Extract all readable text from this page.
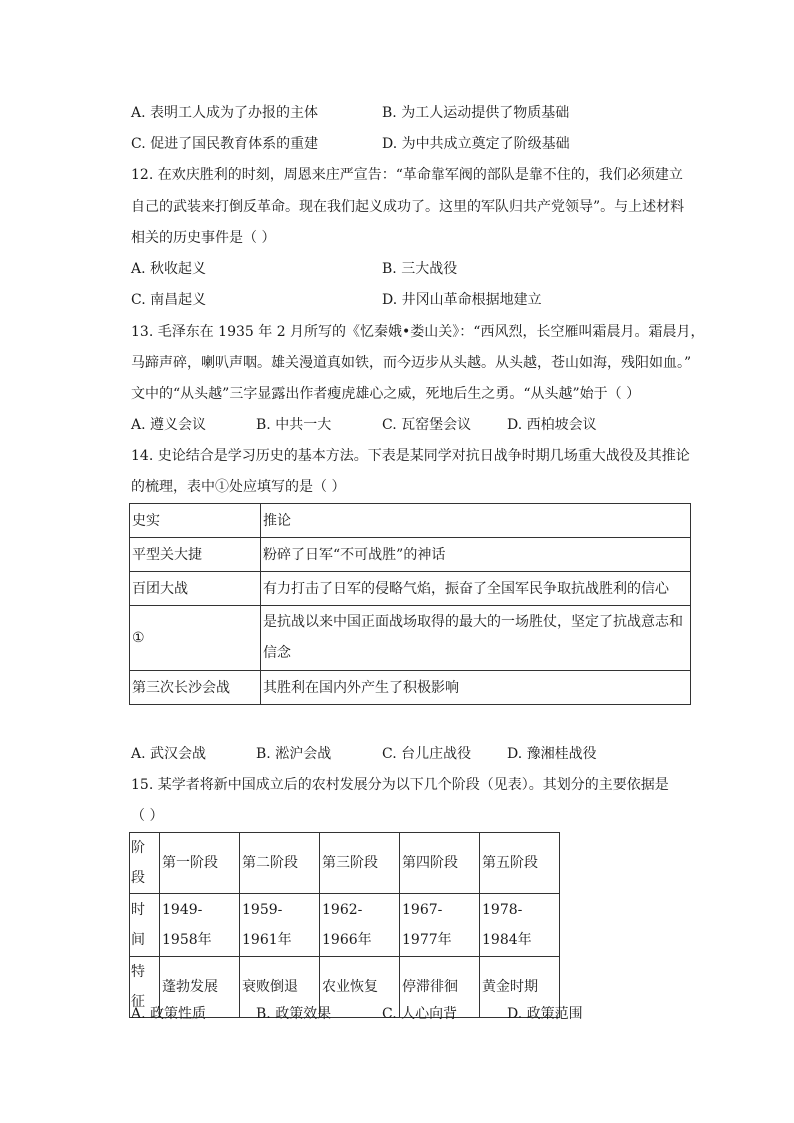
A. 表明工人成为了办报的主体	B. 为工人运动提供了物质基础
C. 促进了国民教育体系的重建	D. 为中共成立奠定了阶级基础
12. 在欢庆胜利的时刻，周恩来庄严宣告：“革命靠军阀的部队是靠不住的，我们必须建立
自己的武装来打倒反革命。现在我们起义成功了。这里的军队归共产党领导”。与上述材料
相关的历史事件是（ ）
A. 秋收起义	B. 三大战役
C. 南昌起义	D. 井冈山革命根据地建立
13. 毛泽东在 1935 年 2 月所写的《忆秦娥•娄山关》：“西风烈，长空雁叫霜晨月。霜晨月，
马蹄声碎，喇叭声咽。雄关漫道真如铁，而今迈步从头越。从头越，苍山如海，残阳如血。”
文中的“从头越”三字显露出作者瘦虎雄心之威，死地后生之勇。“从头越”始于（ ）
A. 遵义会议	B. 中共一大	C. 瓦窑堡会议	D. 西柏坡会议
14. 史论结合是学习历史的基本方法。下表是某同学对抗日战争时期几场重大战役及其推论
的梳理，表中①处应填写的是（ ）
史实	推论
平型关大捷	粉碎了日军“不可战胜”的神话
百团大战	有力打击了日军的侵略气焰，振奋了全国军民争取抗战胜利的信心
①	是抗战以来中国正面战场取得的最大的一场胜仗，坚定了抗战意志和信念
第三次长沙会战	其胜利在国内外产生了积极影响
A. 武汉会战	B. 淞沪会战	C. 台儿庄战役	D. 豫湘桂战役
15. 某学者将新中国成立后的农村发展分为以下几个阶段（见表）。其划分的主要依据是
（ ）
阶段	第一阶段	第二阶段	第三阶段	第四阶段	第五阶段
时间	1949-1958年	1959-1961年	1962-1966年	1967-1977年	1978-1984年
特征	蓬勃发展	衰败倒退	农业恢复	停滞徘徊	黄金时期
A. 政策性质	B. 政策效果	C. 人心向背	D. 政策范围
